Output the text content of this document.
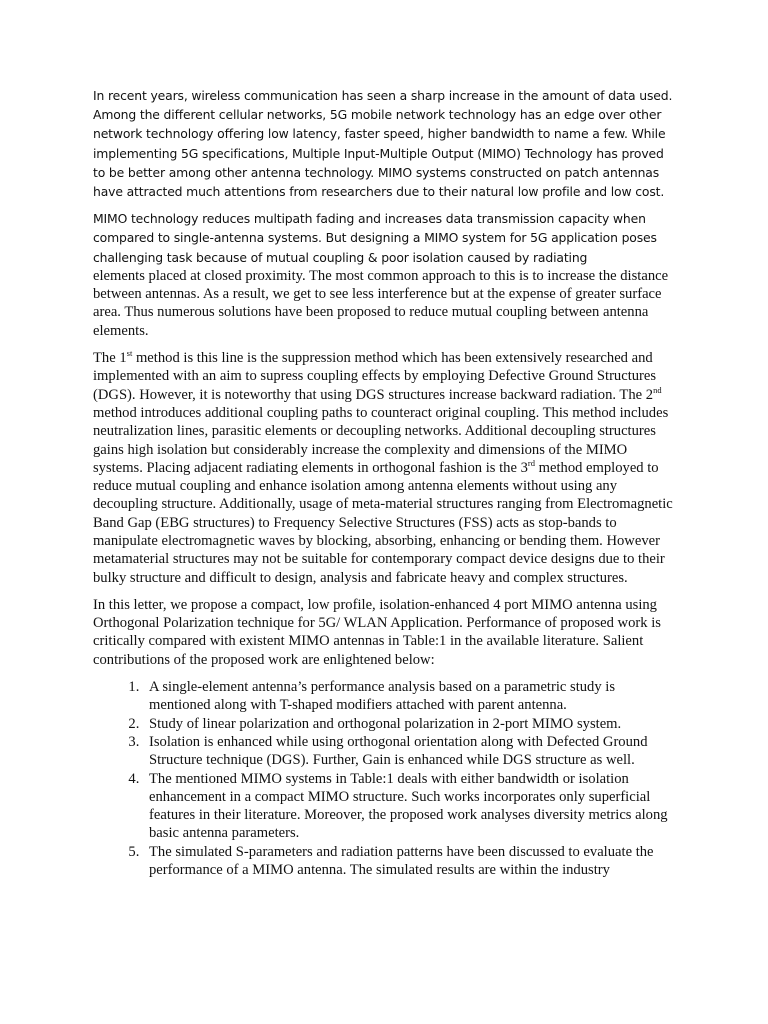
In recent years, wireless communication has seen a sharp increase in the amount of data used. Among the different cellular networks, 5G mobile network technology has an edge over other network technology offering low latency, faster speed, higher bandwidth to name a few. While implementing 5G specifications, Multiple Input-Multiple Output (MIMO) Technology has proved to be better among other antenna technology. MIMO systems constructed on patch antennas have attracted much attentions from researchers due to their natural low profile and low cost.

MIMO technology reduces multipath fading and increases data transmission capacity when compared to single-antenna systems. But designing a MIMO system for 5G application poses challenging task because of mutual coupling & poor isolation caused by radiating

elements placed at closed proximity. The most common approach to this is to increase the distance between antennas. As a result, we get to see less interference but at the expense of greater surface area. Thus numerous solutions have been proposed to reduce mutual coupling between antenna elements.

The 1st method is this line is the suppression method which has been extensively researched and implemented with an aim to supress coupling effects by employing Defective Ground Structures (DGS). However, it is noteworthy that using DGS structures increase backward radiation. The 2nd method introduces additional coupling paths to counteract original coupling. This method includes neutralization lines, parasitic elements or decoupling networks. Additional decoupling structures gains high isolation but considerably increase the complexity and dimensions of the MIMO systems. Placing adjacent radiating elements in orthogonal fashion is the 3rd method employed to reduce mutual coupling and enhance isolation among antenna elements without using any decoupling structure. Additionally, usage of meta-material structures ranging from Electromagnetic Band Gap (EBG structures) to Frequency Selective Structures (FSS) acts as stop-bands to manipulate electromagnetic waves by blocking, absorbing, enhancing or bending them. However metamaterial structures may not be suitable for contemporary compact device designs due to their bulky structure and difficult to design, analysis and fabricate heavy and complex structures.

In this letter, we propose a compact, low profile, isolation-enhanced 4 port MIMO antenna using Orthogonal Polarization technique for 5G/ WLAN Application. Performance of proposed work is critically compared with existent MIMO antennas in Table:1 in the available literature. Salient contributions of the proposed work are enlightened below:

1. A single-element antenna’s performance analysis based on a parametric study is mentioned along with T-shaped modifiers attached with parent antenna.
2. Study of linear polarization and orthogonal polarization in 2-port MIMO system.
3. Isolation is enhanced while using orthogonal orientation along with Defected Ground Structure technique (DGS). Further, Gain is enhanced while DGS structure as well.
4. The mentioned MIMO systems in Table:1 deals with either bandwidth or isolation enhancement in a compact MIMO structure. Such works incorporates only superficial features in their literature. Moreover, the proposed work analyses diversity metrics along basic antenna parameters.
5. The simulated S-parameters and radiation patterns have been discussed to evaluate the performance of a MIMO antenna. The simulated results are within the industry
